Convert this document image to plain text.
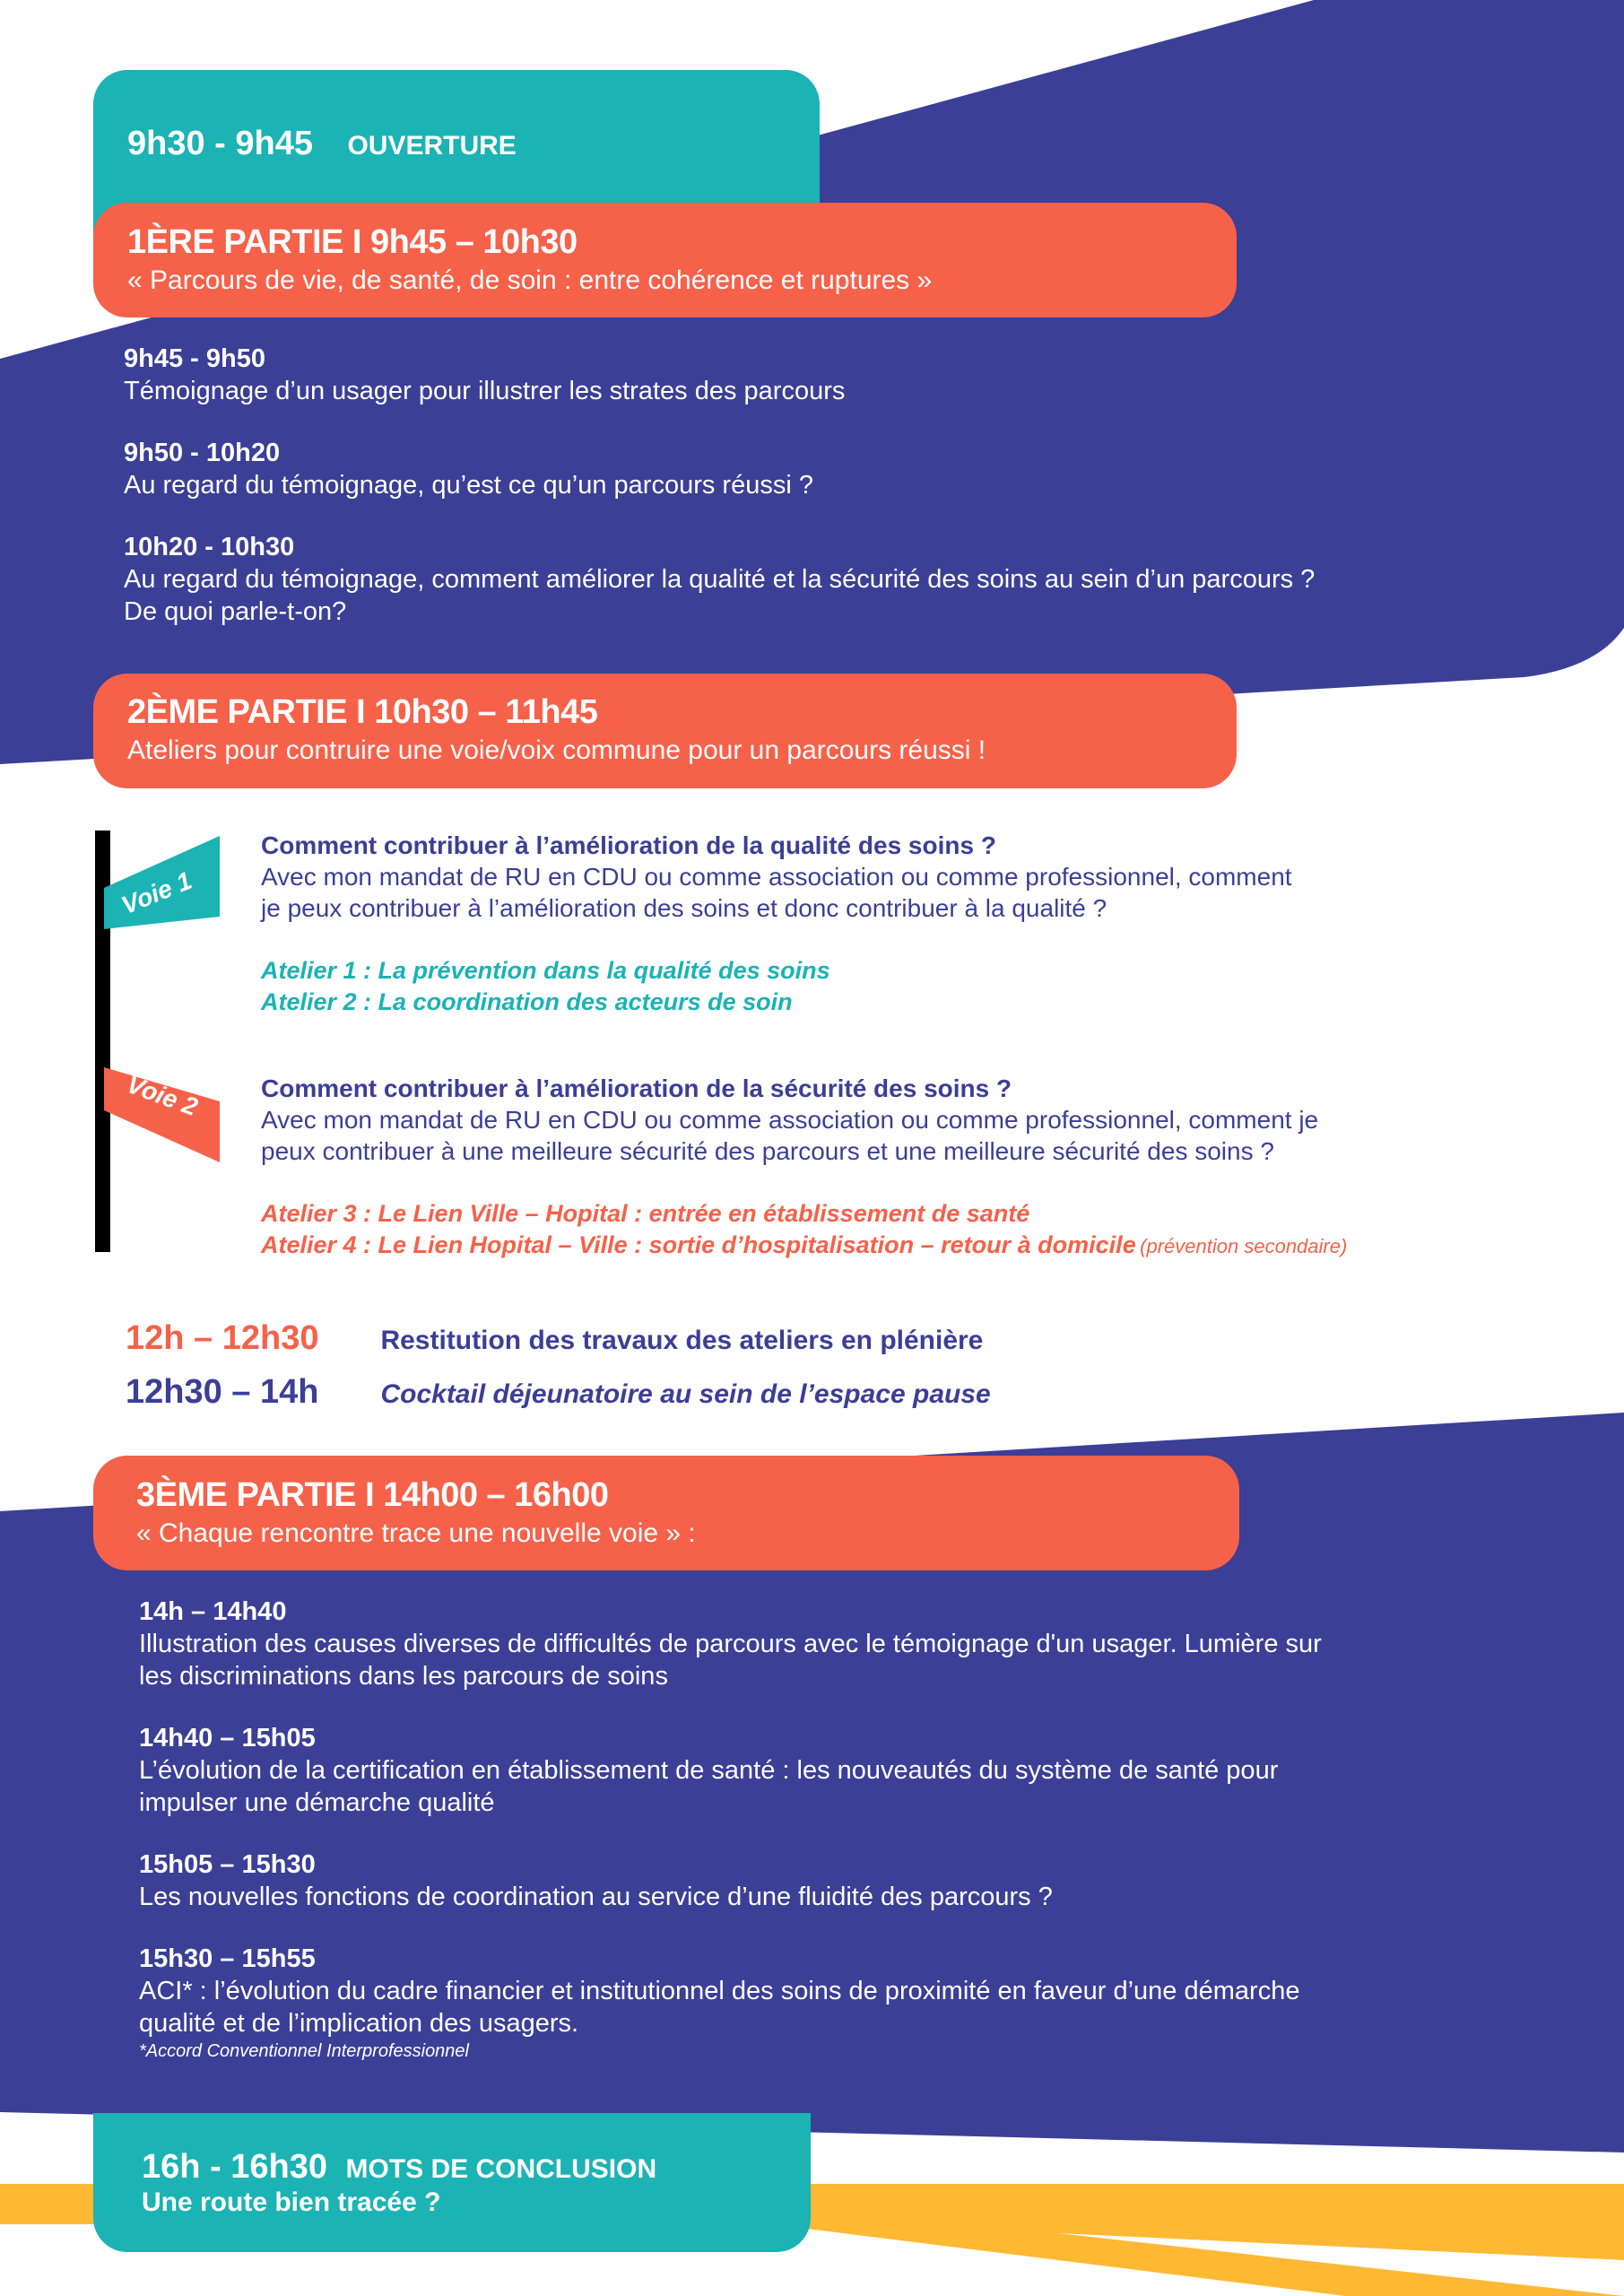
9h30 - 9h45 OUVERTURE
1ÈRE PARTIE I 9h45 – 10h30
« Parcours de vie, de santé, de soin : entre cohérence et ruptures »
9h45 - 9h50
Témoignage d’un usager pour illustrer les strates des parcours
9h50 - 10h20
Au regard du témoignage, qu’est ce qu’un parcours réussi ?
10h20 - 10h30
Au regard du témoignage, comment améliorer la qualité et la sécurité des soins au sein d’un parcours ?
De quoi parle-t-on?
2ÈME PARTIE I 10h30 – 11h45
Ateliers pour contruire une voie/voix commune pour un parcours réussi !
Voie 1
Voie 2
Comment contribuer à l’amélioration de la qualité des soins ?
Avec mon mandat de RU en CDU ou comme association ou comme professionnel, comment
je peux contribuer à l’amélioration des soins et donc contribuer à la qualité ?
Atelier 1 : La prévention dans la qualité des soins
Atelier 2 : La coordination des acteurs de soin
Comment contribuer à l’amélioration de la sécurité des soins ?
Avec mon mandat de RU en CDU ou comme association ou comme professionnel, comment je
peux contribuer à une meilleure sécurité des parcours et une meilleure sécurité des soins ?
Atelier 3 : Le Lien Ville – Hopital : entrée en établissement de santé
Atelier 4 : Le Lien Hopital – Ville : sortie d’hospitalisation – retour à domicile (prévention secondaire)
12h – 12h30 Restitution des travaux des ateliers en plénière
12h30 – 14h Cocktail déjeunatoire au sein de l’espace pause
3ÈME PARTIE I 14h00 – 16h00
« Chaque rencontre trace une nouvelle voie » :
14h – 14h40
Illustration des causes diverses de difficultés de parcours avec le témoignage d'un usager. Lumière sur
les discriminations dans les parcours de soins
14h40 – 15h05
L’évolution de la certification en établissement de santé : les nouveautés du système de santé pour
impulser une démarche qualité
15h05 – 15h30
Les nouvelles fonctions de coordination au service d’une fluidité des parcours ?
15h30 – 15h55
ACI* : l’évolution du cadre financier et institutionnel des soins de proximité en faveur d’une démarche
qualité et de l’implication des usagers.
*Accord Conventionnel Interprofessionnel
16h - 16h30 MOTS DE CONCLUSION
Une route bien tracée ?
